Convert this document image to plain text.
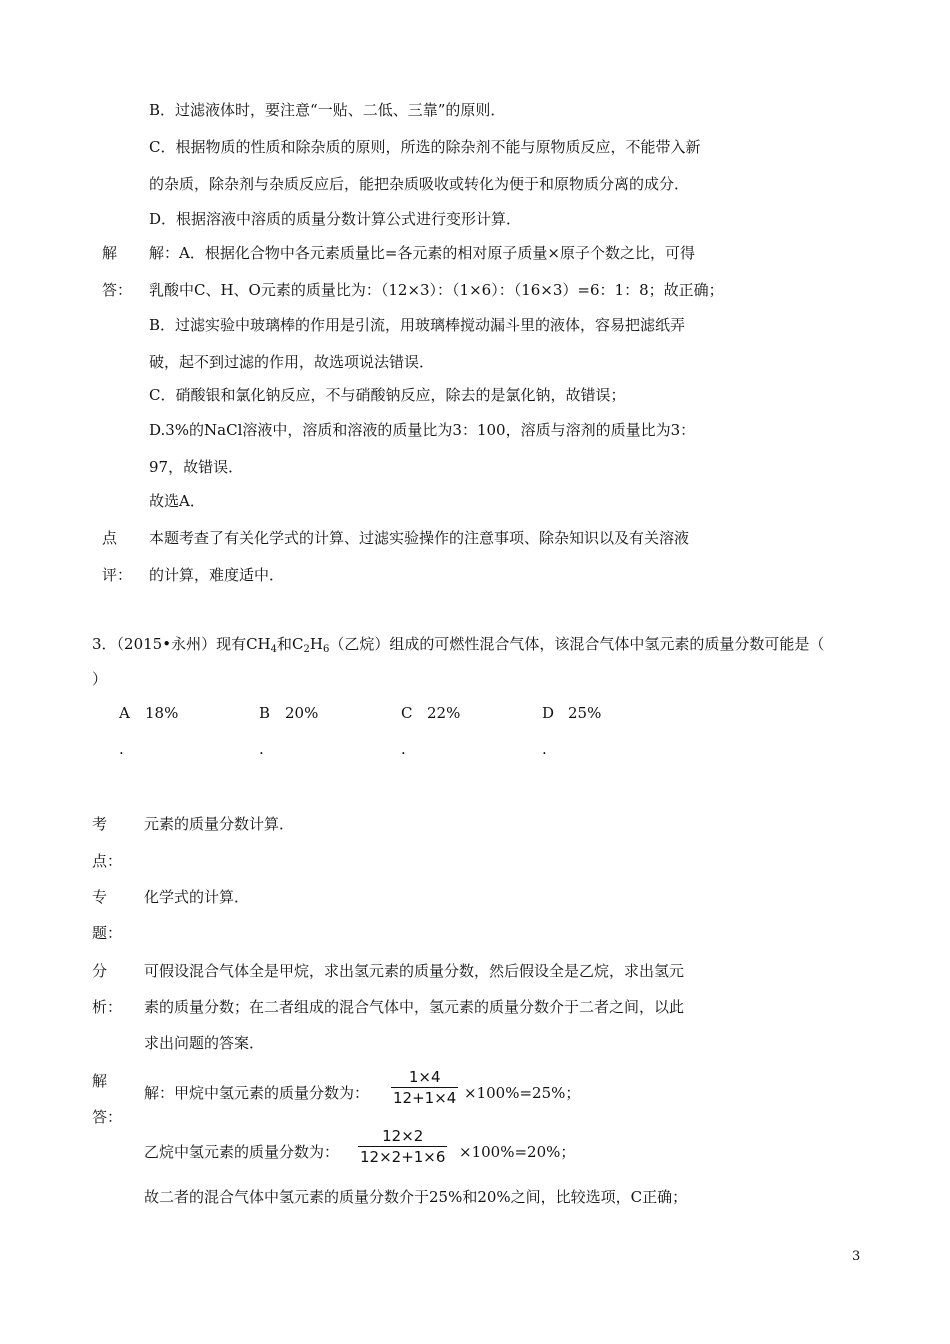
B．过滤液体时，要注意“一贴、二低、三靠”的原则．
C．根据物质的性质和除杂质的原则，所选的除杂剂不能与原物质反应，不能带入新
的杂质，除杂剂与杂质反应后，能把杂质吸收或转化为便于和原物质分离的成分．
D．根据溶液中溶质的质量分数计算公式进行变形计算．
解
答：
解：A．根据化合物中各元素质量比=各元素的相对原子质量×原子个数之比，可得
乳酸中C、H、O元素的质量比为：（12×3）：（1×6）：（16×3）=6：1：8；故正确；
B．过滤实验中玻璃棒的作用是引流，用玻璃棒搅动漏斗里的液体，容易把滤纸弄
破，起不到过滤的作用，故选项说法错误．
C．硝酸银和氯化钠反应，不与硝酸钠反应，除去的是氯化钠，故错误；
D.3%的NaCl溶液中，溶质和溶液的质量比为3：100，溶质与溶剂的质量比为3：
97，故错误．
故选A．
点
评：
本题考查了有关化学式的计算、过滤实验操作的注意事项、除杂知识以及有关溶液
的计算，难度适中．
3．（2015•永州）现有$CH_4$和$C_2H_6$（乙烷）组成的可燃性混合气体，该混合气体中氢元素的质量分数可能是（
）
A 18%
.
B 20%
.
C 22%
.
D 25%
.
考
点：
元素的质量分数计算．
专
题：
化学式的计算．
分
析：
可假设混合气体全是甲烷，求出氢元素的质量分数，然后假设全是乙烷，求出氢元
素的质量分数；在二者组成的混合气体中，氢元素的质量分数介于二者之间，以此
求出问题的答案．
解
答：
解：甲烷中氢元素的质量分数为： $\frac{1\times 4}{12+1\times 4} \times 100\%=25\%$；
乙烷中氢元素的质量分数为： $\frac{12\times 2}{12\times 2+1\times 6} \times 100\%=20\%$；
故二者的混合气体中氢元素的质量分数介于25%和20%之间，比较选项，C正确；
3
